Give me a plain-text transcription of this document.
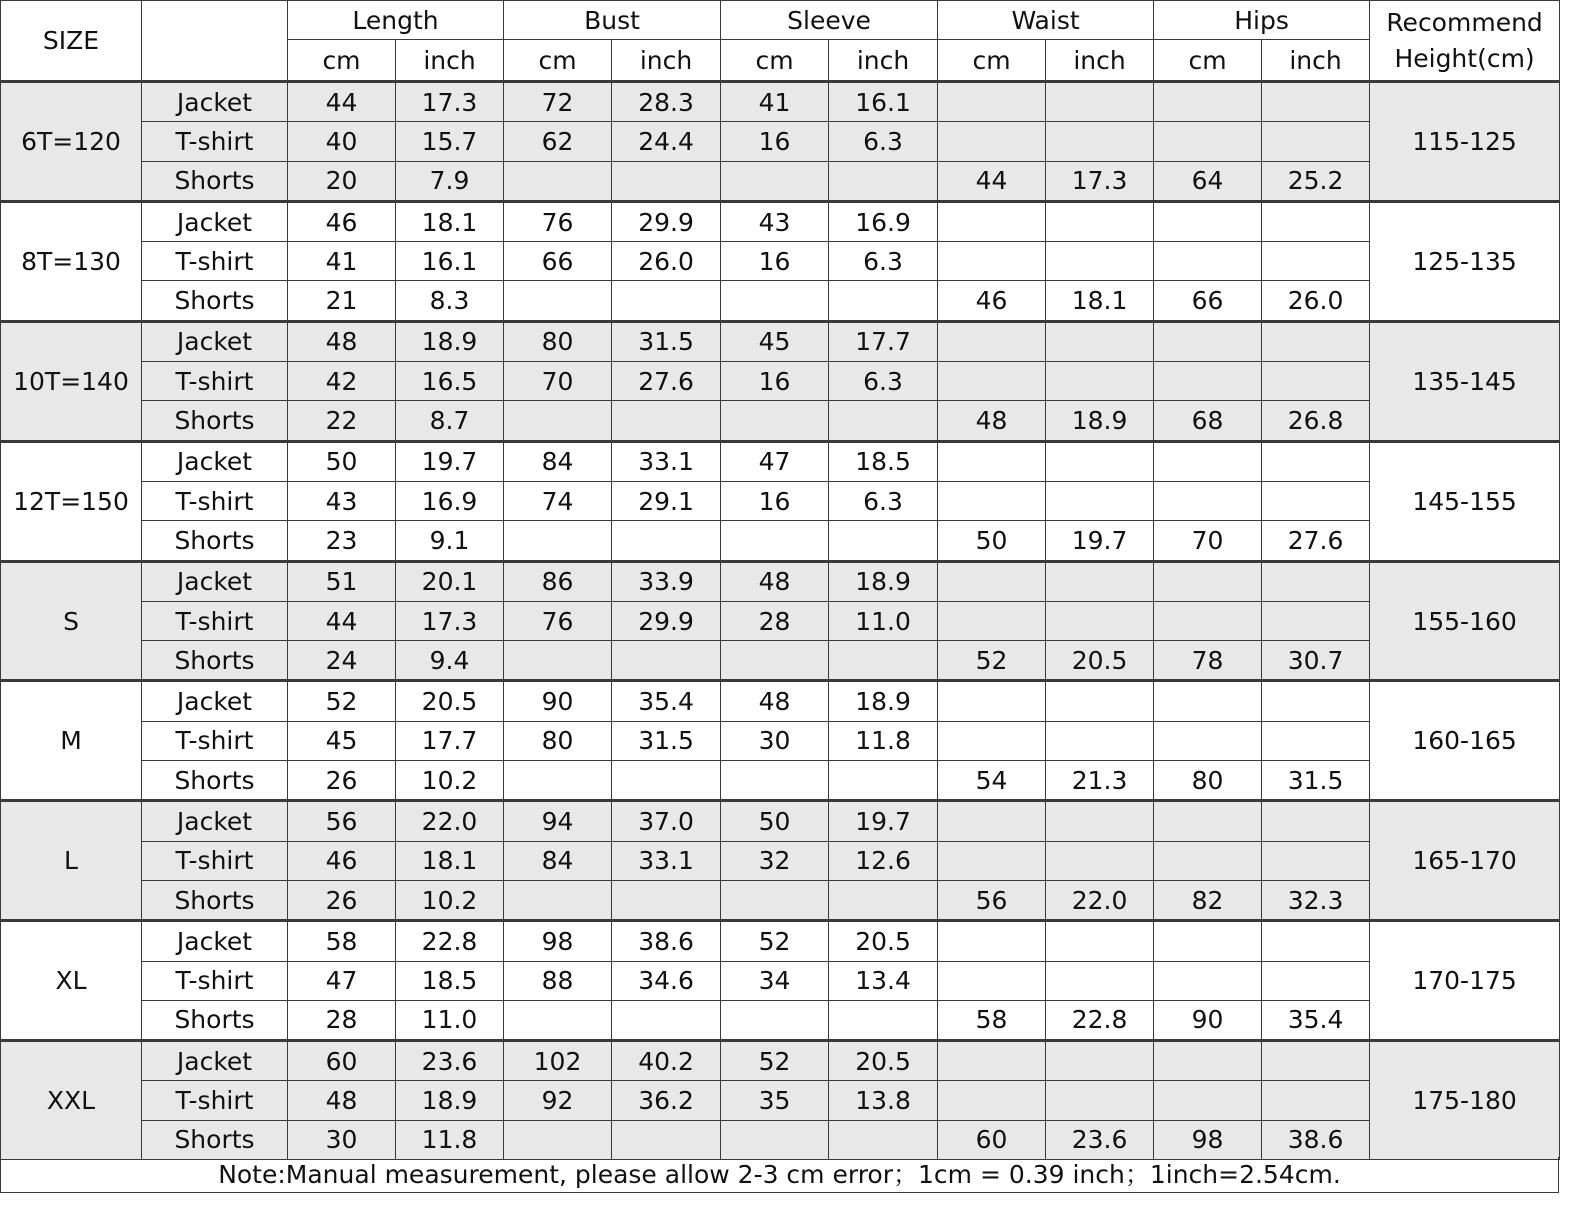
SIZE		Length		Bust		Sleeve		Waist		Hips		Recommend Height(cm)
		cm	inch	cm	inch	cm	inch	cm	inch	cm	inch	
6T=120	Jacket	44	17.3	72	28.3	41	16.1					115-125
	T-shirt	40	15.7	62	24.4	16	6.3					
	Shorts	20	7.9					44	17.3	64	25.2	
8T=130	Jacket	46	18.1	76	29.9	43	16.9					125-135
	T-shirt	41	16.1	66	26.0	16	6.3					
	Shorts	21	8.3					46	18.1	66	26.0	
10T=140	Jacket	48	18.9	80	31.5	45	17.7					135-145
	T-shirt	42	16.5	70	27.6	16	6.3					
	Shorts	22	8.7					48	18.9	68	26.8	
12T=150	Jacket	50	19.7	84	33.1	47	18.5					145-155
	T-shirt	43	16.9	74	29.1	16	6.3					
	Shorts	23	9.1					50	19.7	70	27.6	
S	Jacket	51	20.1	86	33.9	48	18.9					155-160
	T-shirt	44	17.3	76	29.9	28	11.0					
	Shorts	24	9.4					52	20.5	78	30.7	
M	Jacket	52	20.5	90	35.4	48	18.9					160-165
	T-shirt	45	17.7	80	31.5	30	11.8					
	Shorts	26	10.2					54	21.3	80	31.5	
L	Jacket	56	22.0	94	37.0	50	19.7					165-170
	T-shirt	46	18.1	84	33.1	32	12.6					
	Shorts	26	10.2					56	22.0	82	32.3	
XL	Jacket	58	22.8	98	38.6	52	20.5					170-175
	T-shirt	47	18.5	88	34.6	34	13.4					
	Shorts	28	11.0					58	22.8	90	35.4	
XXL	Jacket	60	23.6	102	40.2	52	20.5					175-180
	T-shirt	48	18.9	92	36.2	35	13.8					
	Shorts	30	11.8					60	23.6	98	38.6	
Note:Manual measurement, please allow 2-3 cm error；1cm = 0.39 inch；1inch=2.54cm.
